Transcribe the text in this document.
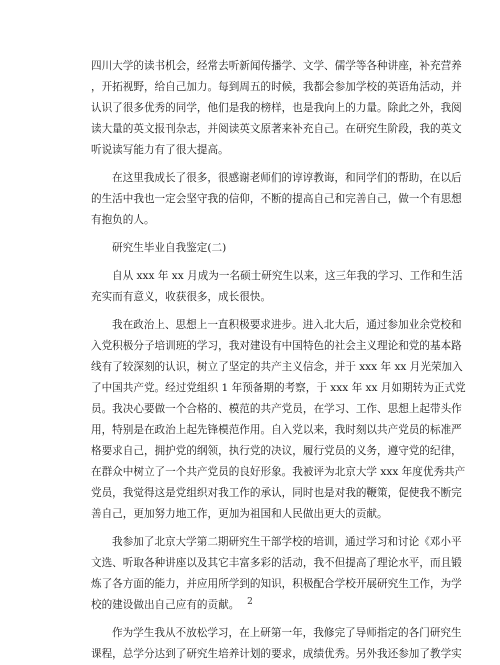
四川大学的读书机会，经常去听新闻传播学、文学、儒学等各种讲座，补充营养
，开拓视野，给自己加力。每到周五的时候，我都会参加学校的英语角活动，并
认识了很多优秀的同学，他们是我的榜样，也是我向上的力量。除此之外，我阅
读大量的英文报刊杂志，并阅读英文原著来补充自己。在研究生阶段，我的英文
听说读写能力有了很大提高。
在这里我成长了很多，很感谢老师们的谆谆教诲，和同学们的帮助，在以后
的生活中我也一定会坚守我的信仰，不断的提高自己和完善自己，做一个有思想
有抱负的人。
研究生毕业自我鉴定(二)
自从 xxx 年 xx 月成为一名硕士研究生以来，这三年我的学习、工作和生活
充实而有意义，收获很多，成长很快。
我在政治上、思想上一直积极要求进步。进入北大后，通过参加业余党校和
入党积极分子培训班的学习，我对建设有中国特色的社会主义理论和党的基本路
线有了较深刻的认识，树立了坚定的共产主义信念，并于 xxx 年 xx 月光荣加入
了中国共产党。经过党组织 1 年预备期的考察，于 xxx 年 xx 月如期转为正式党
员。我决心要做一个合格的、模范的共产党员，在学习、工作、思想上起带头作
用，特别是在政治上起先锋模范作用。自入党以来，我时刻以共产党员的标准严
格要求自己，拥护党的纲领，执行党的决议，履行党员的义务，遵守党的纪律，
在群众中树立了一个共产党员的良好形象。我被评为北京大学 xxx 年度优秀共产
党员，我觉得这是党组织对我工作的承认，同时也是对我的鞭策，促使我不断完
善自己，更加努力地工作，更加为祖国和人民做出更大的贡献。
我参加了北京大学第二期研究生干部学校的培训，通过学习和讨论《邓小平
文选、听取各种讲座以及其它丰富多彩的活动，我不但提高了理论水平，而且锻
炼了各方面的能力，并应用所学到的知识，积极配合学校开展研究生工作，为学
校的建设做出自己应有的贡献。
作为学生我从不放松学习，在上研第一年，我修完了导师指定的各门研究生
课程，总学分达到了研究生培养计划的要求，成绩优秀。另外我还参加了教学实
2
